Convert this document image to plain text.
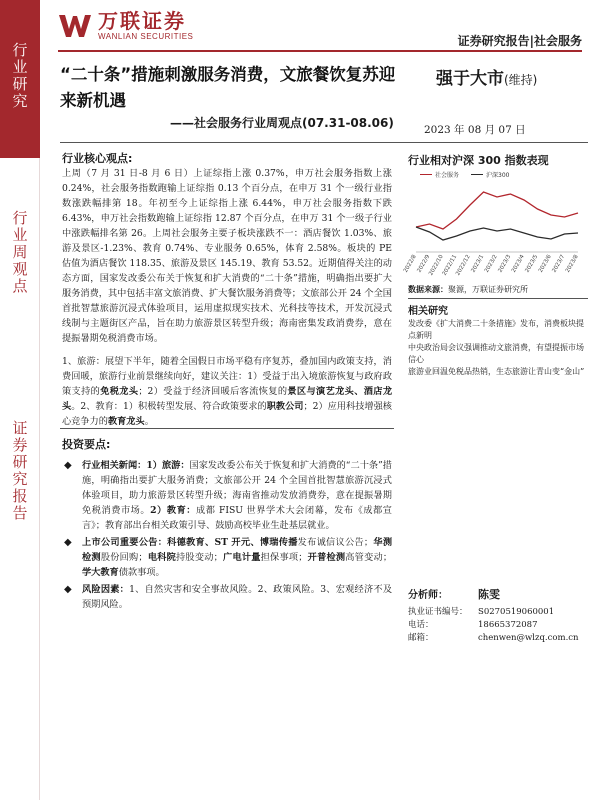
行业研究
行业周观点
证券研究报告
万联证券
WANLIAN SECURITIES	证券研究报告|社会服务
“二十条”措施刺激服务消费，文旅餐饮复苏迎来新机遇
——社会服务行业周观点(07.31-08.06)
强于大市(维持)
2023 年 08 月 07 日
行业核心观点:
上周（7 月 31 日-8 月 6 日）上证综指上涨 0.37%，申万社会服务指数上涨 0.24%，社会服务指数跑输上证综指 0.13 个百分点，在申万 31 个一级行业指数涨跌幅排第 18。年初至今上证综指上涨 6.44%，申万社会服务指数下跌 6.43%，申万社会指数跑输上证综指 12.87 个百分点，在申万 31 个一级子行业中涨跌幅排名第 26。上周社会服务主要子板块涨跌不一：酒店餐饮 1.03%、旅游及景区-1.23%、教育 0.74%、专业服务 0.65%，体育 2.58%。板块的 PE 估值为酒店餐饮 118.35、旅游及景区 145.19、教育 53.52。近期值得关注的动态方面，国家发改委公布关于恢复和扩大消费的“二十条”措施，明确指出要扩大服务消费，其中包括丰富文旅消费、扩大餐饮服务消费等；文旅部公开 24 个全国首批智慧旅游沉浸式体验项目，运用虚拟现实技术、光科技等技术，开发沉浸式线制与主题街区产品，旨在助力旅游景区转型升级；海南密集发政消费券，意在提振暑期免税消费市场。
1、旅游：展望下半年，随着全国假日市场平稳有序复苏，叠加国内政策支持，消费回暖，旅游行业前景继续向好，建议关注：1）受益于出入境旅游恢复与政府政策支持的免税龙头；2）受益于经济回暖后客流恢复的景区与演艺龙头、酒店龙头。2、教育：1）积极转型发展、符合政策要求的职教公司；2）应用科技增强核心竞争力的教育龙头。
投资要点:
◆ 行业相关新闻：1）旅游：国家发改委公布关于恢复和扩大消费的“二十条”措施，明确指出要扩大服务消费；文旅部公开 24 个全国首批智慧旅游沉浸式体验项目，助力旅游景区转型升级；海南省推动发放消费券，意在提振暑期免税消费市场。2）教育：成都 FISU 世界学术大会闭幕，发布《成都宣言》；教育部出台相关政策引导、鼓励高校毕业生赴基层就业。
◆ 上市公司重要公告：科德教育、ST 开元、博瑞传播发布诚信议公告；华测检测股份回购；电科院持股变动；广电计量担保事项；开普检测高管变动；学大教育债款事项。
◆ 风险因素：1、自然灾害和安全事故风险。2、政策风险。3、宏观经济不及预期风险。
行业相对沪深 300 指数表现
社会服务	沪深300
2022/8
2022/9
2022/10
2022/11
2022/12
2023/1
2023/2
2023/3
2023/4
2023/5
2023/6
2023/7
2023/8
数据来源：聚源，万联证券研究所
相关研究
发改委《扩大消费二十条措施》发布，消费板块提点新明
中央政治局会议强调推动文旅消费，有望提振市场信心
旅游业回温免税品热销，生态旅游让青山变“金山”
分析师：	陈雯
执业证书编号：	S0270519060001
电话：	18665372087
邮箱：	chenwen@wlzq.com.cn
